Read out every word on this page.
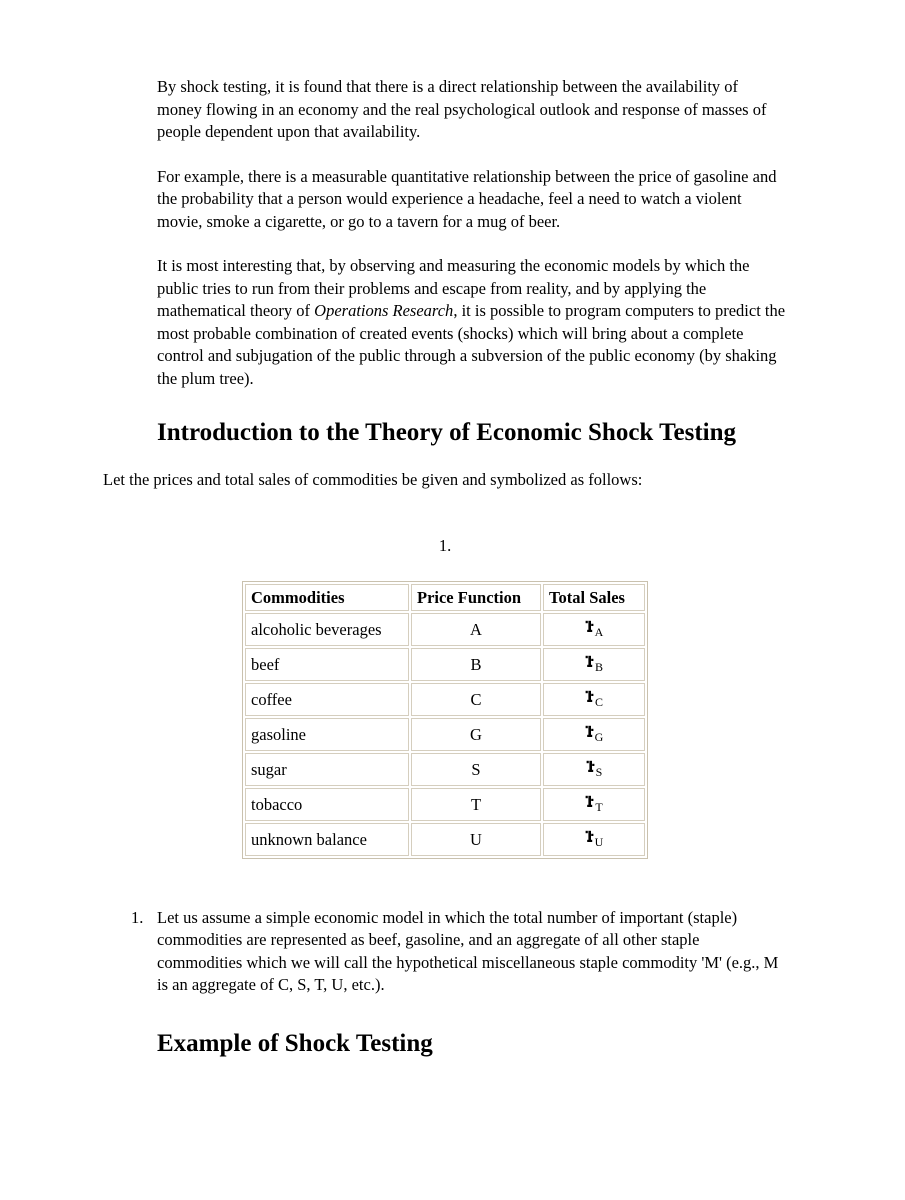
By shock testing, it is found that there is a direct relationship between the availability of money flowing in an economy and the real psychological outlook and response of masses of people dependent upon that availability.

For example, there is a measurable quantitative relationship between the price of gasoline and the probability that a person would experience a headache, feel a need to watch a violent movie, smoke a cigarette, or go to a tavern for a mug of beer.

It is most interesting that, by observing and measuring the economic models by which the public tries to run from their problems and escape from reality, and by applying the mathematical theory of Operations Research, it is possible to program computers to predict the most probable combination of created events (shocks) which will bring about a complete control and subjugation of the public through a subversion of the public economy (by shaking the plum tree).

Introduction to the Theory of Economic Shock Testing
Let the prices and total sales of commodities be given and symbolized as follows:
1.
Commodities	Price Function	Total Sales
alcoholic beverages	A	$_A$
beef	B	$_B$
coffee	C	$_C$
gasoline	G	$_G$
sugar	S	$_S$
tobacco	T	$_T$
unknown balance	U	$_U$
1. Let us assume a simple economic model in which the total number of important (staple) commodities are represented as beef, gasoline, and an aggregate of all other staple commodities which we will call the hypothetical miscellaneous staple commodity 'M' (e.g., M is an aggregate of C, S, T, U, etc.).
Example of Shock Testing
